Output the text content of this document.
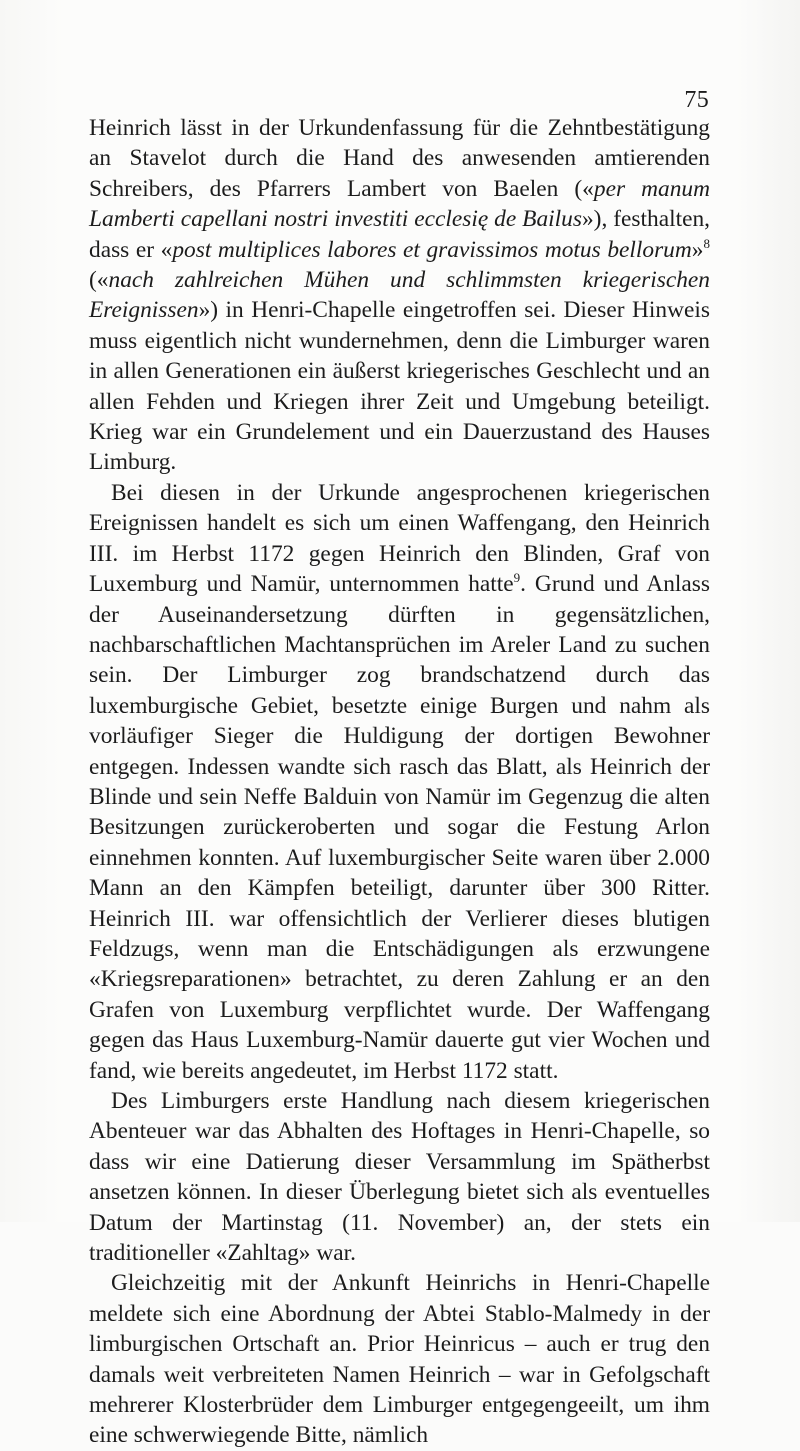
75

Heinrich lässt in der Urkundenfassung für die Zehntbestätigung an Stavelot durch die Hand des anwesenden amtierenden Schreibers, des Pfarrers Lambert von Baelen («per manum Lamberti capellani nostri investiti ecclesię de Bailus»), festhalten, dass er «post multiplices labores et gravissimos motus bellorum»$^8$ («nach zahlreichen Mühen und schlimmsten kriegerischen Ereignissen») in Henri-Chapelle eingetroffen sei. Dieser Hinweis muss eigentlich nicht wundernehmen, denn die Limburger waren in allen Generationen ein äußerst kriegerisches Geschlecht und an allen Fehden und Kriegen ihrer Zeit und Umgebung beteiligt. Krieg war ein Grundelement und ein Dauerzustand des Hauses Limburg.

Bei diesen in der Urkunde angesprochenen kriegerischen Ereignissen handelt es sich um einen Waffengang, den Heinrich III. im Herbst 1172 gegen Heinrich den Blinden, Graf von Luxemburg und Namür, unternommen hatte$^9$. Grund und Anlass der Auseinandersetzung dürften in gegensätzlichen, nachbarschaftlichen Machtansprüchen im Areler Land zu suchen sein. Der Limburger zog brandschatzend durch das luxemburgische Gebiet, besetzte einige Burgen und nahm als vorläufiger Sieger die Huldigung der dortigen Bewohner entgegen. Indessen wandte sich rasch das Blatt, als Heinrich der Blinde und sein Neffe Balduin von Namür im Gegenzug die alten Besitzungen zurückeroberten und sogar die Festung Arlon einnehmen konnten. Auf luxemburgischer Seite waren über 2.000 Mann an den Kämpfen beteiligt, darunter über 300 Ritter. Heinrich III. war offensichtlich der Verlierer dieses blutigen Feldzugs, wenn man die Entschädigungen als erzwungene «Kriegsreparationen» betrachtet, zu deren Zahlung er an den Grafen von Luxemburg verpflichtet wurde. Der Waffengang gegen das Haus Luxemburg-Namür dauerte gut vier Wochen und fand, wie bereits angedeutet, im Herbst 1172 statt.

Des Limburgers erste Handlung nach diesem kriegerischen Abenteuer war das Abhalten des Hoftages in Henri-Chapelle, so dass wir eine Datierung dieser Versammlung im Spätherbst ansetzen können. In dieser Überlegung bietet sich als eventuelles Datum der Martinstag (11. November) an, der stets ein traditioneller «Zahltag» war.

Gleichzeitig mit der Ankunft Heinrichs in Henri-Chapelle meldete sich eine Abordnung der Abtei Stablo-Malmedy in der limburgischen Ortschaft an. Prior Heinricus – auch er trug den damals weit verbreiteten Namen Heinrich – war in Gefolgschaft mehrerer Klosterbrüder dem Limburger entgegengeeilt, um ihm eine schwerwiegende Bitte, nämlich
